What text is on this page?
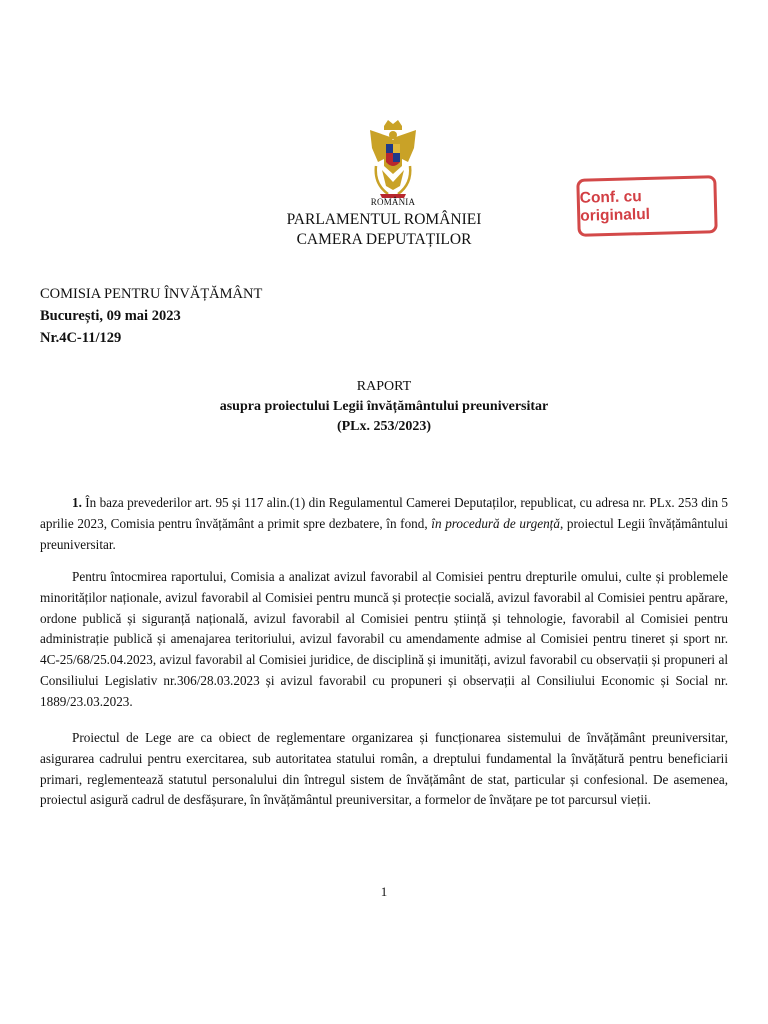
ROMÂNIA	Conf. cu originalul
PARLAMENTUL ROMÂNIEI
CAMERA DEPUTAȚILOR
COMISIA PENTRU ÎNVĂȚĂMÂNT
București, 09 mai 2023
Nr.4C-11/129
RAPORT
asupra proiectului Legii învățământului preuniversitar
(PLx. 253/2023)
1. În baza prevederilor art. 95 și 117 alin.(1) din Regulamentul Camerei Deputaților, republicat, cu adresa nr. PLx. 253 din 5 aprilie 2023, Comisia pentru învățământ a primit spre dezbatere, în fond, în procedură de urgență, proiectul Legii învățământului preuniversitar.
Pentru întocmirea raportului, Comisia a analizat avizul favorabil al Comisiei pentru drepturile omului, culte și problemele minorităților naționale, avizul favorabil al Comisiei pentru muncă și protecție socială, avizul favorabil al Comisiei pentru apărare, ordone publică și siguranță națională, avizul favorabil al Comisiei pentru știință și tehnologie, favorabil al Comisiei pentru administrație publică și amenajarea teritoriului, avizul favorabil cu amendamente admise al Comisiei pentru tineret și sport nr. 4C-25/68/25.04.2023, avizul favorabil al Comisiei juridice, de disciplină și imunități, avizul favorabil cu observații și propuneri al Consiliului Legislativ nr.306/28.03.2023 și avizul favorabil cu propuneri și observații al Consiliului Economic și Social nr. 1889/23.03.2023.
Proiectul de Lege are ca obiect de reglementare organizarea și funcționarea sistemului de învățământ preuniversitar, asigurarea cadrului pentru exercitarea, sub autoritatea statului român, a dreptului fundamental la învățătură pentru beneficiarii primari, reglementează statutul personalului din întregul sistem de învățământ de stat, particular și confesional. De asemenea, proiectul asigură cadrul de desfășurare, în învățământul preuniversitar, a formelor de învățare pe tot parcursul vieții.
1
